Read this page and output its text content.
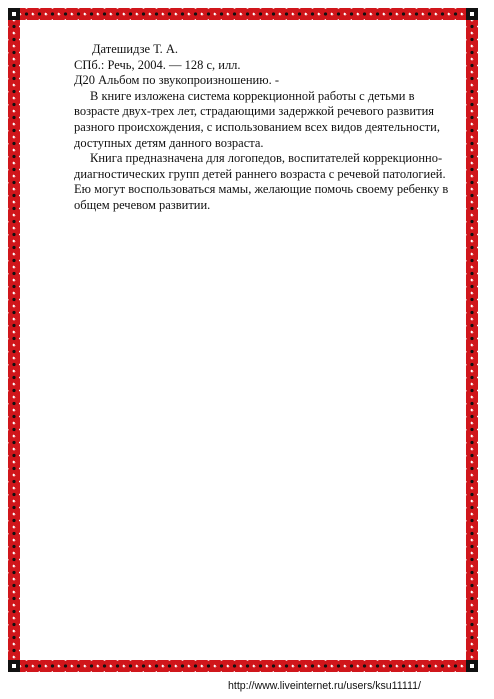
Датешидзе Т. А.

СПб.: Речь, 2004. — 128 с, илл.

Д20 Альбом по звукопроизношению. -

В книге изложена система коррекционной работы с детьми в возрасте двух-трех лет, страдающими задержкой речевого развития разного происхождения, с использованием всех видов деятельности, доступных детям данного возраста.

Книга предназначена для логопедов, воспитателей коррекционно-диагностических групп детей раннего возраста с речевой патологией. Ею могут воспользоваться мамы, желающие помочь своему ребенку в общем речевом развитии.

http://www.liveinternet.ru/users/ksu11111/
